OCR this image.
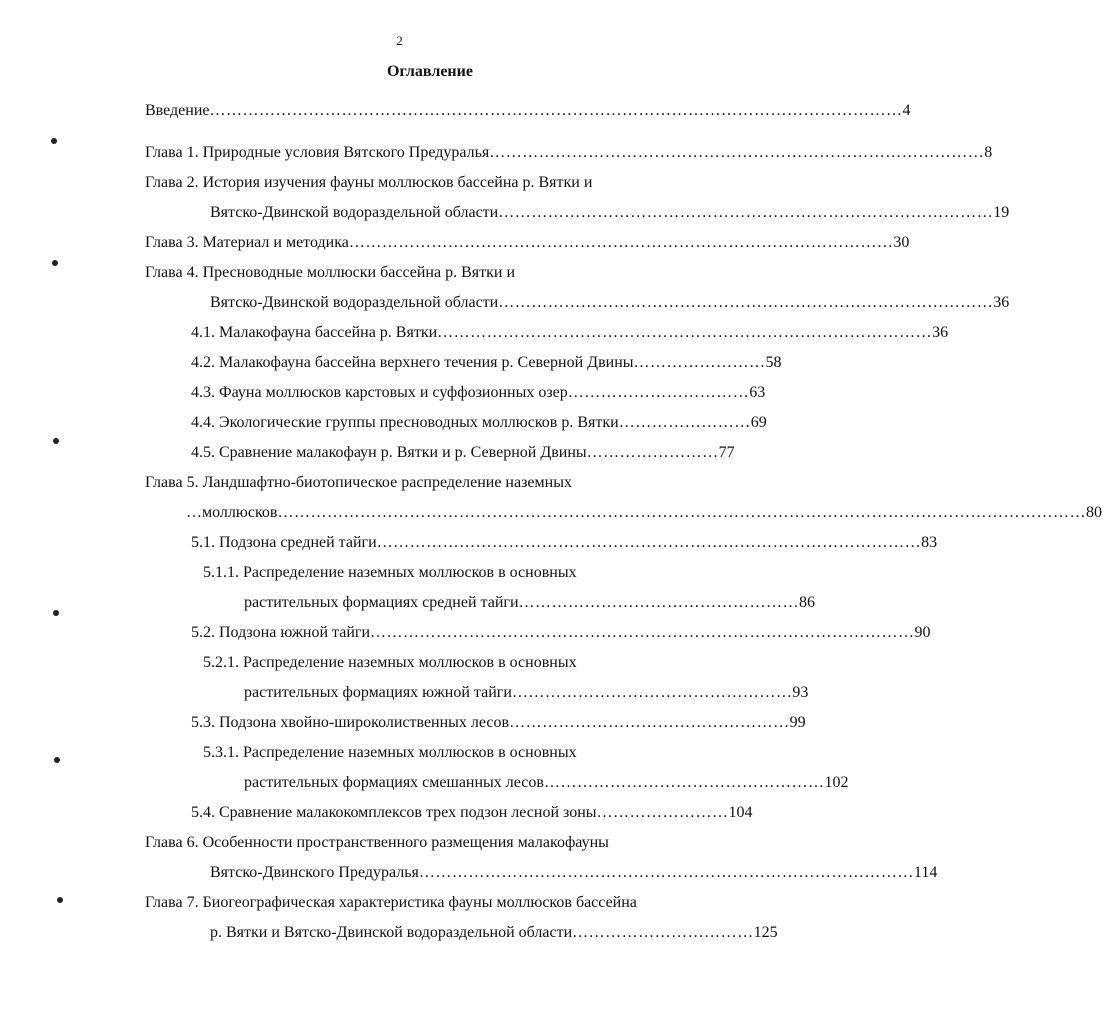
2
Оглавление
Введение ……………………………………………………………………………………………………………… 4
Глава 1. Природные условия Вятского Предуралья ……………………………………………………………………………… 8
Глава 2. История изучения фауны моллюсков бассейна р. Вятки и
Вятско-Двинской водораздельной области ……………………………………………………………………………… 19
Глава 3. Материал и методика ……………………………………………………………………………………… 30
Глава 4. Пресноводные моллюски бассейна р. Вятки и
Вятско-Двинской водораздельной области ……………………………………………………………………………… 36
4.1. Малакофауна бассейна р. Вятки ……………………………………………………………………………… 36
4.2. Малакофауна бассейна верхнего течения р. Северной Двины …………………… 58
4.3. Фауна моллюсков карстовых и суффозионных озер …………………………… 63
4.4. Экологические группы пресноводных моллюсков р. Вятки …………………… 69
4.5. Сравнение малакофаун р. Вятки и р. Северной Двины …………………… 77
Глава 5. Ландшафтно-биотопическое распределение наземных
…моллюсков ………………………………………………………………………………………………………………………………… 80
5.1. Подзона средней тайги ……………………………………………………………………………………… 83
5.1.1. Распределение наземных моллюсков в основных
растительных формациях средней тайги …………………………………………… 86
5.2. Подзона южной тайги ……………………………………………………………………………………… 90
5.2.1. Распределение наземных моллюсков в основных
растительных формациях южной тайги …………………………………………… 93
5.3. Подзона хвойно-широколиственных лесов …………………………………………… 99
5.3.1. Распределение наземных моллюсков в основных
растительных формациях смешанных лесов …………………………………………… 102
5.4. Сравнение малакокомплексов трех подзон лесной зоны …………………… 104
Глава 6. Особенности пространственного размещения малакофауны
Вятско-Двинского Предуралья ……………………………………………………………………………… 114
Глава 7. Биогеографическая характеристика фауны моллюсков бассейна
р. Вятки и Вятско-Двинской водораздельной области …………………………… 125
